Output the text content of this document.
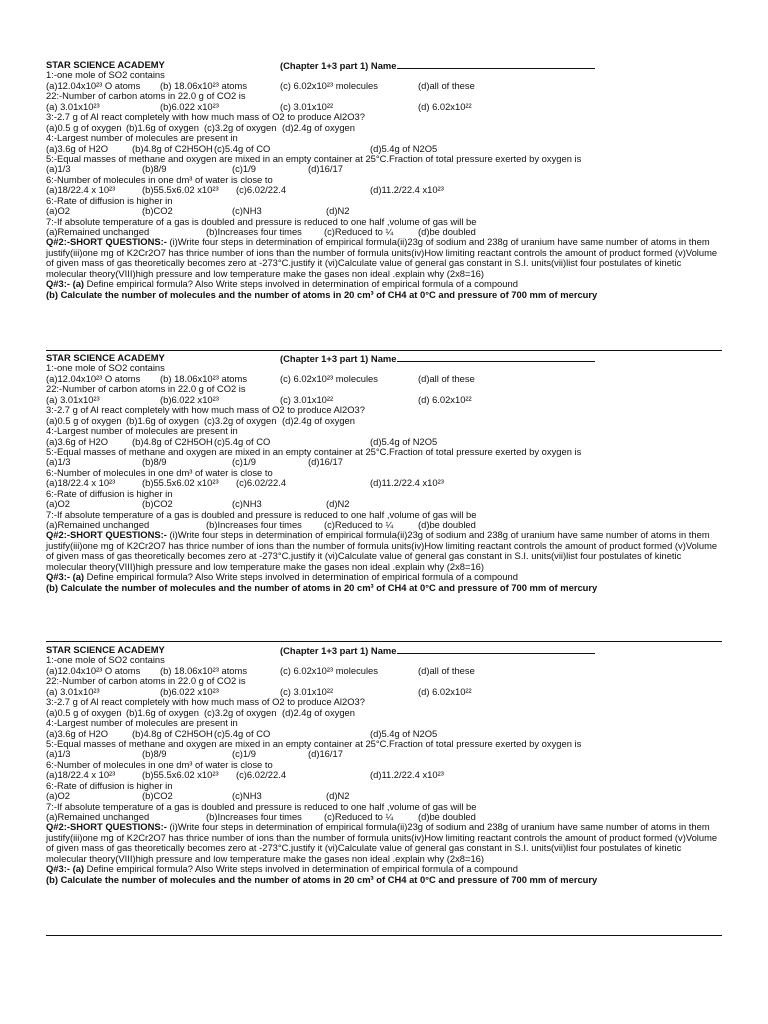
STAR SCIENCE ACADEMY	(Chapter 1+3 part 1) Name
1:-one mole of SO2 contains
(a)12.04x10²³ O atoms (b) 18.06x10²³ atoms	(c) 6.02x10²³ molecules	(d)all of these
22:-Number of carbon atoms in 22.0 g of CO2 is
(a) 3.01x10²³	(b)6.022 x10²³	(c) 3.01x10²²	(d) 6.02x10²²
3:-2.7 g of Al react completely with how much mass of O2 to produce Al2O3?
(a)0.5 g of oxygen (b)1.6g of oxygen (c)3.2g of oxygen (d)2.4g of oxygen
4:-Largest number of molecules are present in
(a)3.6g of H2O	(b)4.8g of C2H5OH (c)5.4g of CO	(d)5.4g of N2O5
5:-Equal masses of methane and oxygen are mixed in an empty container at 25°C.Fraction of total pressure exerted by oxygen is
(a)1/3	(b)8/9	(c)1/9	(d)16/17
6:-Number of molecules in one dm³ of water is close to
(a)18/22.4 x 10²³	(b)55.5x6.02 x10²³ (c)6.02/22.4	(d)11.2/22.4 x10²³
6:-Rate of diffusion is higher in
(a)O2	(b)CO2	(c)NH3	(d)N2
7:-If absolute temperature of a gas is doubled and pressure is reduced to one half ,volume of gas will be
(a)Remained unchanged	(b)Increases four times (c)Reduced to ¼	(d)be doubled
Q#2:-SHORT QUESTIONS:- (i)Write four steps in determination of empirical formula(ii)23g of sodium and 238g of uranium have same number of atoms in them justify(iii)one mg of K2Cr2O7 has thrice number of ions than the number of formula units(iv)How limiting reactant controls the amount of product formed (v)Volume of given mass of gas theoretically becomes zero at -273°C.justify it (vi)Calculate value of general gas constant in S.I. units(vii)list four postulates of kinetic molecular theory(VIII)high pressure and low temperature make the gases non ideal .explain why (2x8=16)
Q#3:- (a) Define empirical formula? Also Write steps involved in determination of empirical formula of a compound
(b) Calculate the number of molecules and the number of atoms in 20 cm³ of CH4 at 0°C and pressure of 700 mm of mercury
STAR SCIENCE ACADEMY	(Chapter 1+3 part 1) Name
1:-one mole of SO2 contains
(a)12.04x10²³ O atoms (b) 18.06x10²³ atoms	(c) 6.02x10²³ molecules	(d)all of these
22:-Number of carbon atoms in 22.0 g of CO2 is
(a) 3.01x10²³	(b)6.022 x10²³	(c) 3.01x10²²	(d) 6.02x10²²
3:-2.7 g of Al react completely with how much mass of O2 to produce Al2O3?
(a)0.5 g of oxygen (b)1.6g of oxygen (c)3.2g of oxygen (d)2.4g of oxygen
4:-Largest number of molecules are present in
(a)3.6g of H2O	(b)4.8g of C2H5OH (c)5.4g of CO	(d)5.4g of N2O5
5:-Equal masses of methane and oxygen are mixed in an empty container at 25°C.Fraction of total pressure exerted by oxygen is
(a)1/3	(b)8/9	(c)1/9	(d)16/17
6:-Number of molecules in one dm³ of water is close to
(a)18/22.4 x 10²³	(b)55.5x6.02 x10²³ (c)6.02/22.4	(d)11.2/22.4 x10²³
6:-Rate of diffusion is higher in
(a)O2	(b)CO2	(c)NH3	(d)N2
7:-If absolute temperature of a gas is doubled and pressure is reduced to one half ,volume of gas will be
(a)Remained unchanged	(b)Increases four times (c)Reduced to ¼	(d)be doubled
Q#2:-SHORT QUESTIONS:- (i)Write four steps in determination of empirical formula(ii)23g of sodium and 238g of uranium have same number of atoms in them justify(iii)one mg of K2Cr2O7 has thrice number of ions than the number of formula units(iv)How limiting reactant controls the amount of product formed (v)Volume of given mass of gas theoretically becomes zero at -273°C.justify it (vi)Calculate value of general gas constant in S.I. units(vii)list four postulates of kinetic molecular theory(VIII)high pressure and low temperature make the gases non ideal .explain why (2x8=16)
Q#3:- (a) Define empirical formula? Also Write steps involved in determination of empirical formula of a compound
(b) Calculate the number of molecules and the number of atoms in 20 cm³ of CH4 at 0°C and pressure of 700 mm of mercury
STAR SCIENCE ACADEMY	(Chapter 1+3 part 1) Name
1:-one mole of SO2 contains
(a)12.04x10²³ O atoms (b) 18.06x10²³ atoms	(c) 6.02x10²³ molecules	(d)all of these
22:-Number of carbon atoms in 22.0 g of CO2 is
(a) 3.01x10²³	(b)6.022 x10²³	(c) 3.01x10²²	(d) 6.02x10²²
3:-2.7 g of Al react completely with how much mass of O2 to produce Al2O3?
(a)0.5 g of oxygen (b)1.6g of oxygen (c)3.2g of oxygen (d)2.4g of oxygen
4:-Largest number of molecules are present in
(a)3.6g of H2O	(b)4.8g of C2H5OH (c)5.4g of CO	(d)5.4g of N2O5
5:-Equal masses of methane and oxygen are mixed in an empty container at 25°C.Fraction of total pressure exerted by oxygen is
(a)1/3	(b)8/9	(c)1/9	(d)16/17
6:-Number of molecules in one dm³ of water is close to
(a)18/22.4 x 10²³	(b)55.5x6.02 x10²³ (c)6.02/22.4	(d)11.2/22.4 x10²³
6:-Rate of diffusion is higher in
(a)O2	(b)CO2	(c)NH3	(d)N2
7:-If absolute temperature of a gas is doubled and pressure is reduced to one half ,volume of gas will be
(a)Remained unchanged	(b)Increases four times (c)Reduced to ¼	(d)be doubled
Q#2:-SHORT QUESTIONS:- (i)Write four steps in determination of empirical formula(ii)23g of sodium and 238g of uranium have same number of atoms in them justify(iii)one mg of K2Cr2O7 has thrice number of ions than the number of formula units(iv)How limiting reactant controls the amount of product formed (v)Volume of given mass of gas theoretically becomes zero at -273°C.justify it (vi)Calculate value of general gas constant in S.I. units(vii)list four postulates of kinetic molecular theory(VIII)high pressure and low temperature make the gases non ideal .explain why (2x8=16)
Q#3:- (a) Define empirical formula? Also Write steps involved in determination of empirical formula of a compound
(b) Calculate the number of molecules and the number of atoms in 20 cm³ of CH4 at 0°C and pressure of 700 mm of mercury
